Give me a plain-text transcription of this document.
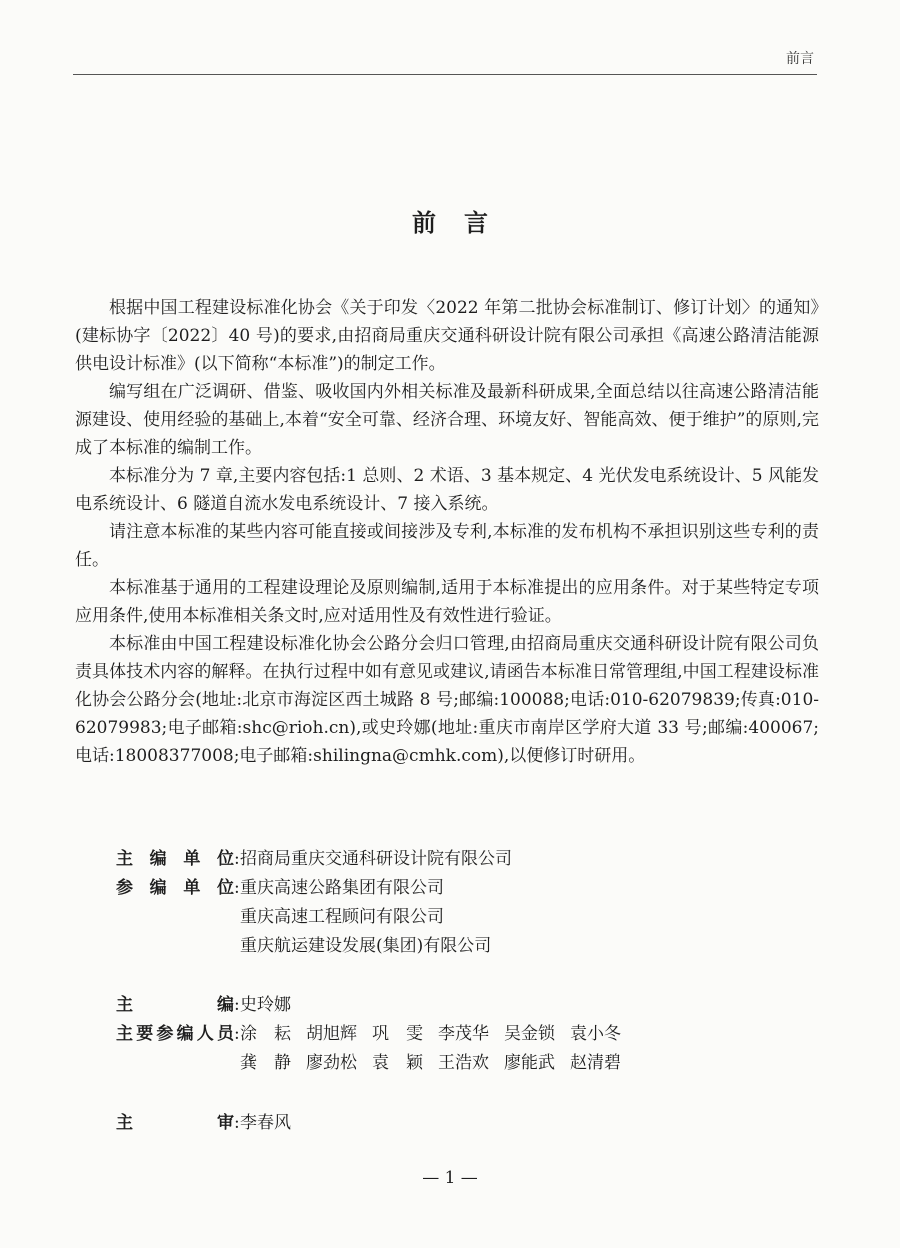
前言
前言

根据中国工程建设标准化协会《关于印发〈2022 年第二批协会标准制订、修订计划〉的通知》(建标协字〔2022〕40 号)的要求,由招商局重庆交通科研设计院有限公司承担《高速公路清洁能源供电设计标准》(以下简称“本标准”)的制定工作。

编写组在广泛调研、借鉴、吸收国内外相关标准及最新科研成果,全面总结以往高速公路清洁能源建设、使用经验的基础上,本着“安全可靠、经济合理、环境友好、智能高效、便于维护”的原则,完成了本标准的编制工作。

本标准分为 7 章,主要内容包括:1 总则、2 术语、3 基本规定、4 光伏发电系统设计、5 风能发电系统设计、6 隧道自流水发电系统设计、7 接入系统。

请注意本标准的某些内容可能直接或间接涉及专利,本标准的发布机构不承担识别这些专利的责任。

本标准基于通用的工程建设理论及原则编制,适用于本标准提出的应用条件。对于某些特定专项应用条件,使用本标准相关条文时,应对适用性及有效性进行验证。

本标准由中国工程建设标准化协会公路分会归口管理,由招商局重庆交通科研设计院有限公司负责具体技术内容的解释。在执行过程中如有意见或建议,请函告本标准日常管理组,中国工程建设标准化协会公路分会(地址:北京市海淀区西土城路 8 号;邮编:100088;电话:010-62079839;传真:010-62079983;电子邮箱:shc@rioh.cn),或史玲娜(地址:重庆市南岸区学府大道 33 号;邮编:400067;电话:18008377008;电子邮箱:shilingna@cmhk.com),以便修订时研用。

主 编 单 位 : 招商局重庆交通科研设计院有限公司
参 编 单 位 : 重庆高速公路集团有限公司
重庆高速工程顾问有限公司
重庆航运建设发展(集团)有限公司
主	编 : 史玲娜
主 要 参 编 人 员 : 涂　耘 胡旭辉 巩　雯 李茂华 吴金锁 袁小冬
龚　静 廖劲松 袁　颖 王浩欢 廖能武 赵清碧
主	审 : 李春风
— 1 —
